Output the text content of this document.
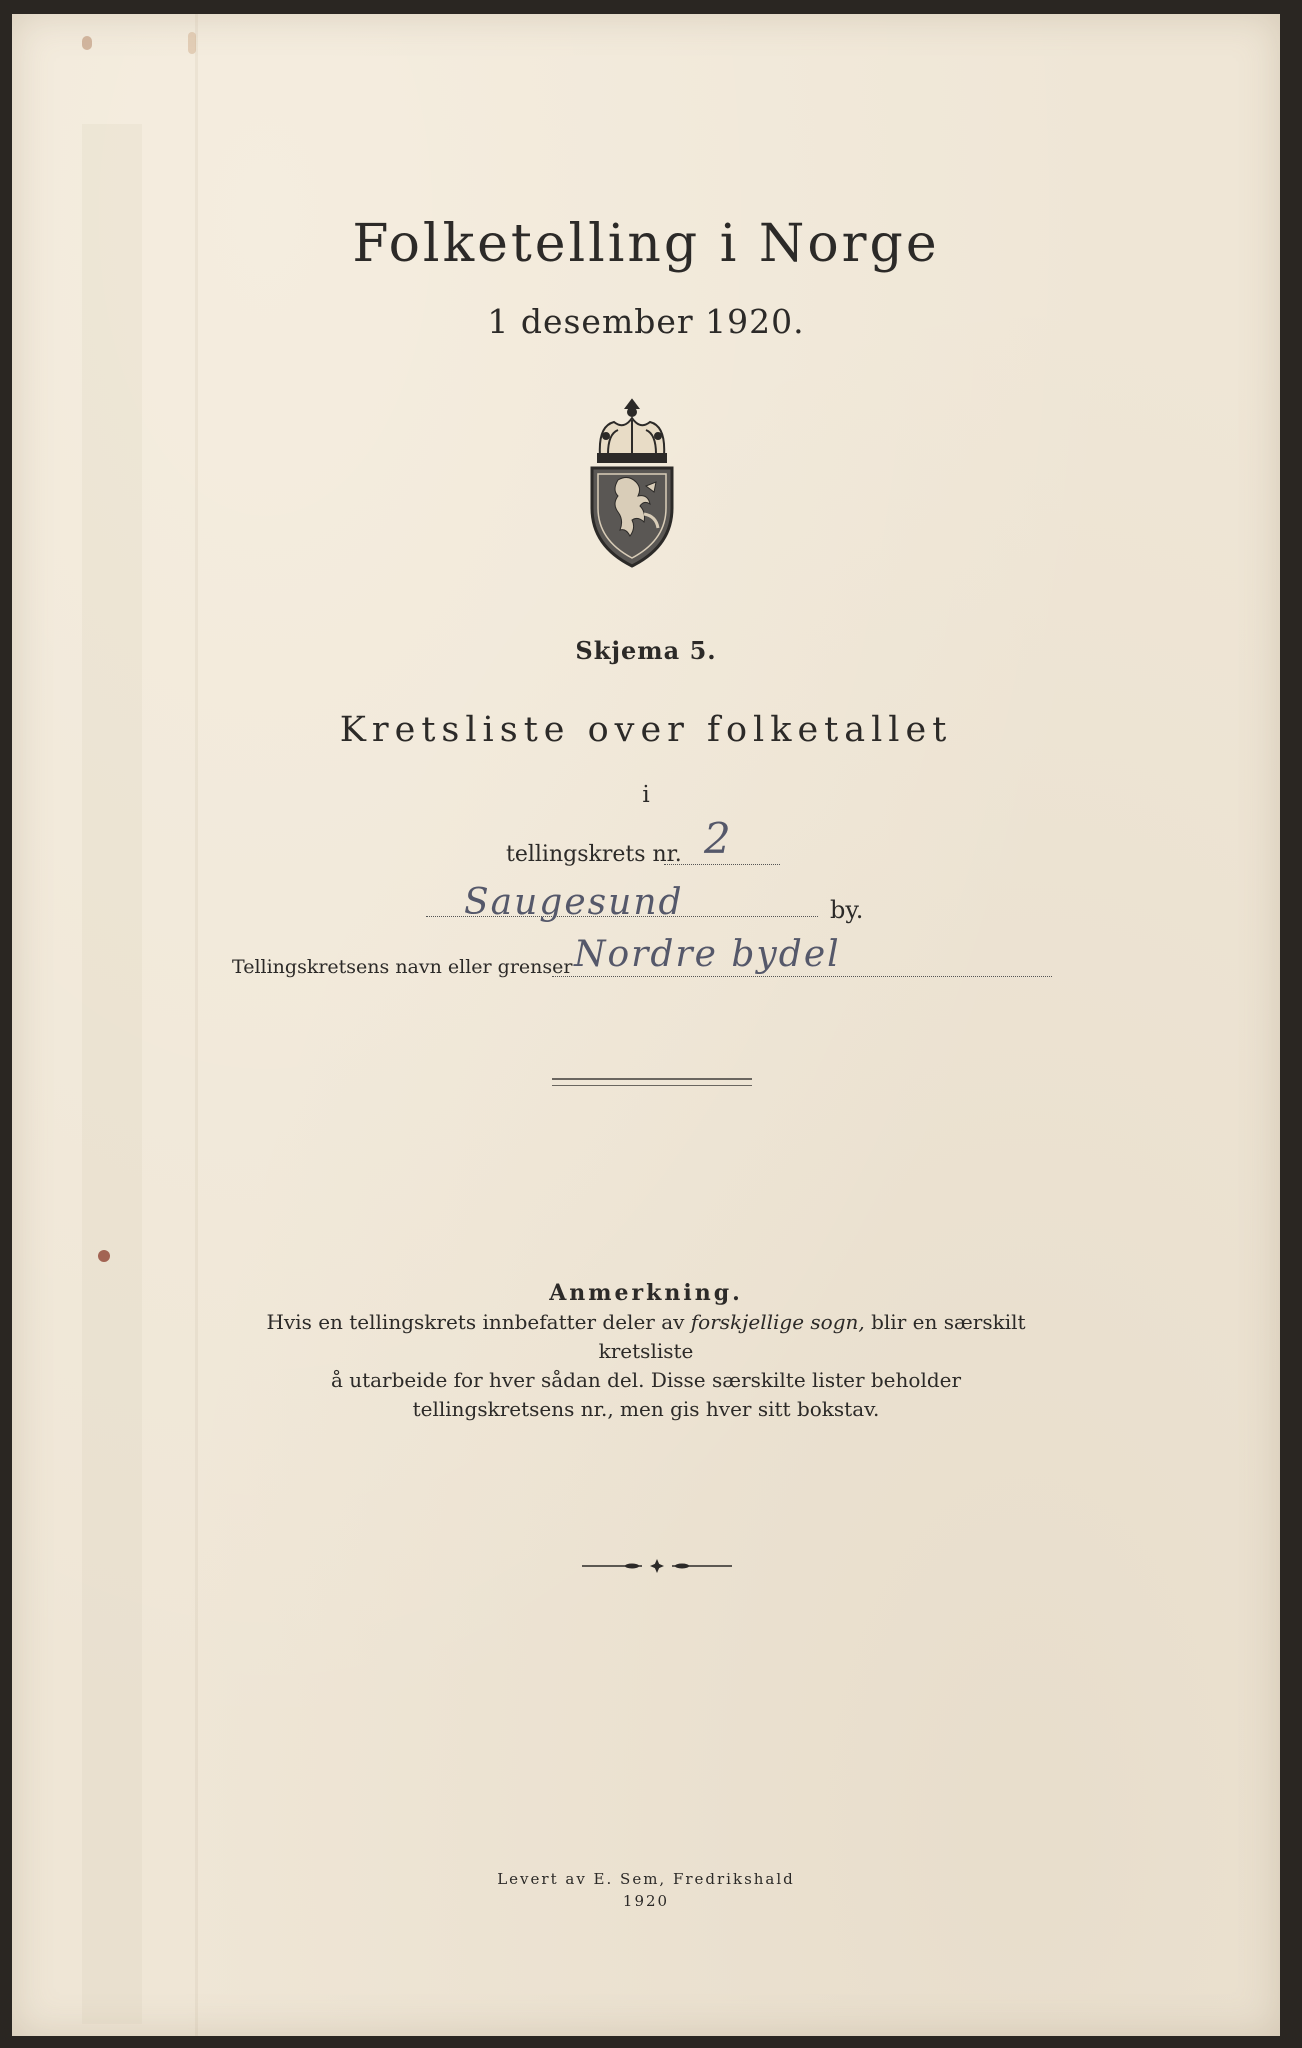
Folketelling i Norge
1 desember 1920.
Skjema 5.
Kretsliste over folketallet
i
tellingskrets nr. 2
Saugesund	by.
Tellingskretsens navn eller grenser Nordre bydel
Anmerkning.
Hvis en tellingskrets innbefatter deler av forskjellige sogn, blir en særskilt kretsliste
å utarbeide for hver sådan del. Disse særskilte lister beholder
tellingskretsens nr., men gis hver sitt bokstav.
Levert av E. Sem, Fredrikshald
1920
